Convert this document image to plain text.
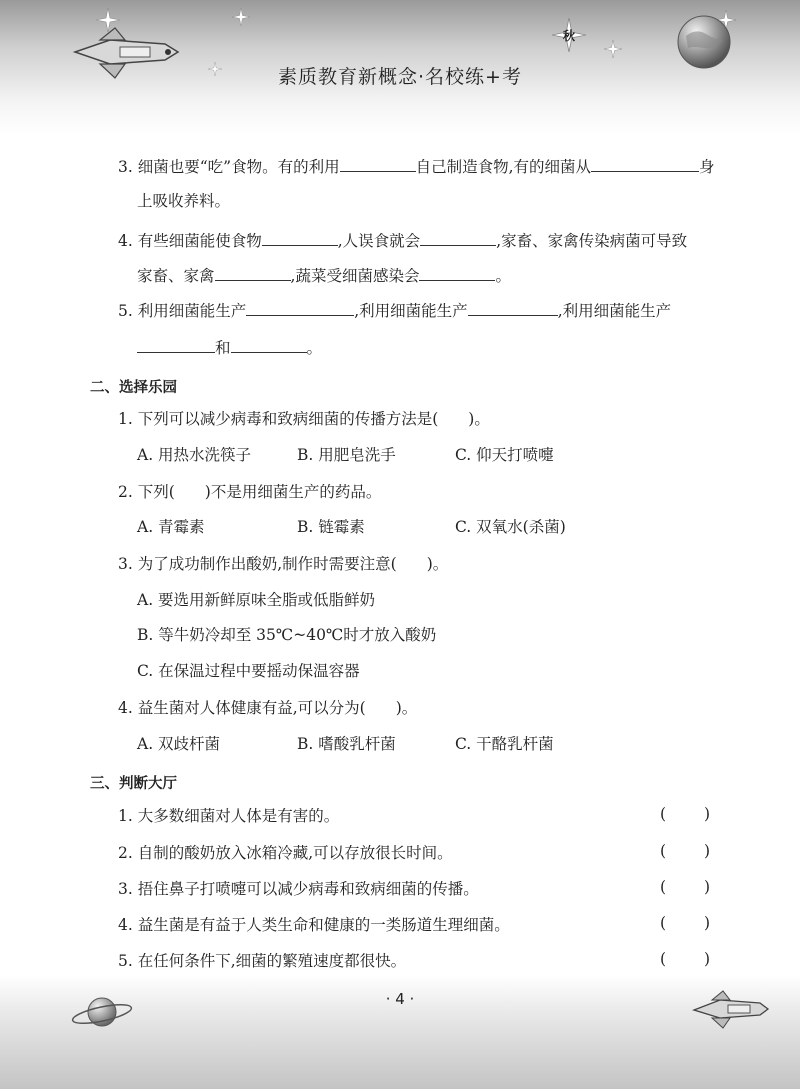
秋
素质教育新概念·名校练+考
3. 细菌也要“吃”食物。有的利用	自己制造食物,有的细菌从	身
上吸收养料。
4. 有些细菌能使食物	,人误食就会	,家畜、家禽传染病菌可导致
家畜、家禽	,蔬菜受细菌感染会	。
5. 利用细菌能生产	,利用细菌能生产	,利用细菌能生产
和	。
二、选择乐园
1. 下列可以减少病毒和致病细菌的传播方法是( )。
A. 用热水洗筷子	B. 用肥皂洗手	C. 仰天打喷嚏
2. 下列( )不是用细菌生产的药品。
A. 青霉素	B. 链霉素	C. 双氧水(杀菌)
3. 为了成功制作出酸奶,制作时需要注意( )。
A. 要选用新鲜原味全脂或低脂鲜奶
B. 等牛奶冷却至 35℃~40℃时才放入酸奶
C. 在保温过程中要摇动保温容器
4. 益生菌对人体健康有益,可以分为( )。
A. 双歧杆菌	B. 嗜酸乳杆菌	C. 干酪乳杆菌
三、判断大厅
1. 大多数细菌对人体是有害的。	( )
2. 自制的酸奶放入冰箱冷藏,可以存放很长时间。	( )
3. 捂住鼻子打喷嚏可以减少病毒和致病细菌的传播。	( )
4. 益生菌是有益于人类生命和健康的一类肠道生理细菌。	( )
5. 在任何条件下,细菌的繁殖速度都很快。	( )
· 4 ·
